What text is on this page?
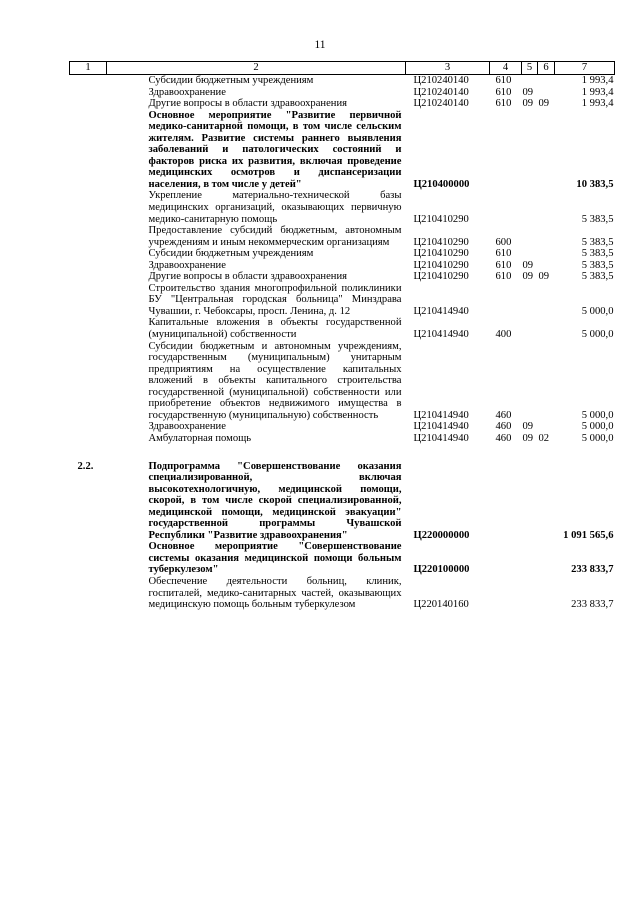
11
1	2	3	4	5	6	7
	Субсидии бюджетным учреждениям	Ц210240140	610			1 993,4
	Здравоохранение	Ц210240140	610	09		1 993,4
	Другие вопросы в области здравоохранения	Ц210240140	610	09	09	1 993,4
	Основное мероприятие "Развитие первичной медико-санитарной помощи, в том числе сельским жителям. Развитие системы раннего выявления заболеваний и патологических состояний и факторов риска их развития, включая проведение медицинских осмотров и диспансеризации населения, в том числе у детей"	Ц210400000				10 383,5
	Укрепление материально-технической базы медицинских организаций, оказывающих первичную медико-санитарную помощь	Ц210410290				5 383,5
	Предоставление субсидий бюджетным, автономным учреждениям и иным некоммерческим организациям	Ц210410290	600			5 383,5
	Субсидии бюджетным учреждениям	Ц210410290	610			5 383,5
	Здравоохранение	Ц210410290	610	09		5 383,5
	Другие вопросы в области здравоохранения	Ц210410290	610	09	09	5 383,5
	Строительство здания многопрофильной поликлиники БУ "Центральная городская больница" Минздрава Чувашии, г. Чебоксары, просп. Ленина, д. 12	Ц210414940				5 000,0
	Капитальные вложения в объекты государственной (муниципальной) собственности	Ц210414940	400			5 000,0
	Субсидии бюджетным и автономным учреждениям, государственным (муниципальным) унитарным предприятиям на осуществление капитальных вложений в объекты капитального строительства государственной (муниципальной) собственности или приобретение объектов недвижимого имущества в государственную (муниципальную) собственность	Ц210414940	460			5 000,0
	Здравоохранение	Ц210414940	460	09		5 000,0
	Амбулаторная помощь	Ц210414940	460	09	02	5 000,0
2.2.	Подпрограмма "Совершенствование оказания специализированной, включая высокотехнологичную, медицинской помощи, скорой, в том числе скорой специализированной, медицинской помощи, медицинской эвакуации" государственной программы Чувашской Республики "Развитие здравоохранения"	Ц220000000				1 091 565,6
	Основное мероприятие "Совершенствование системы оказания медицинской помощи больным туберкулезом"	Ц220100000				233 833,7
	Обеспечение деятельности больниц, клиник, госпиталей, медико-санитарных частей, оказывающих медицинскую помощь больным туберкулезом	Ц220140160				233 833,7
